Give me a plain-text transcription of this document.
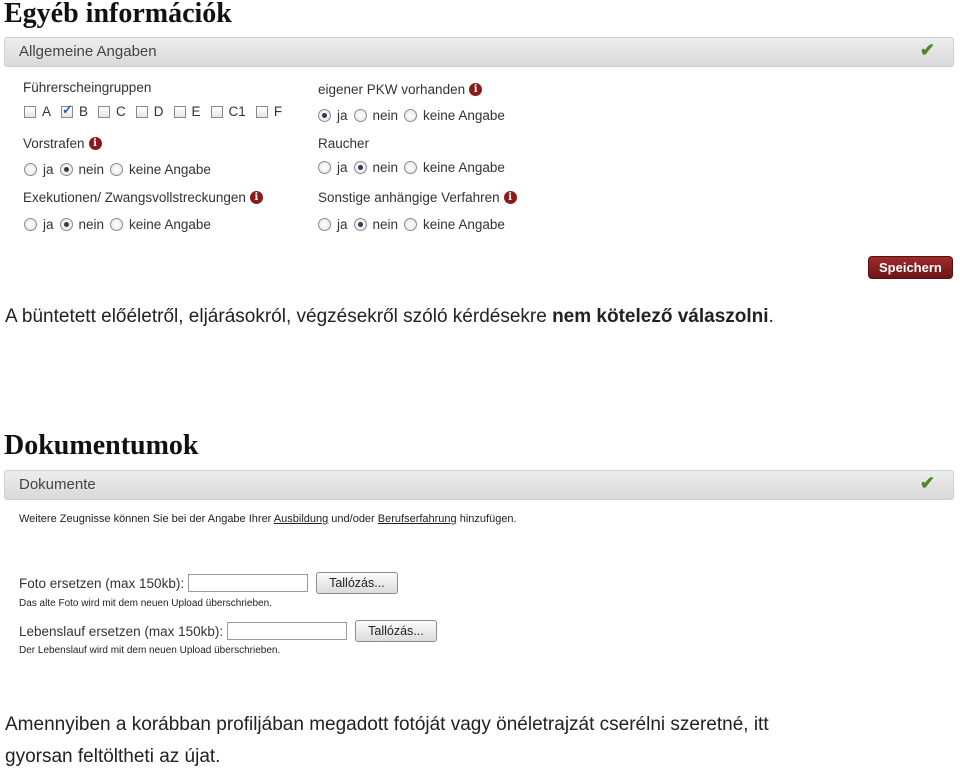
Egyéb információk
Allgemeine Angaben	✔
Führerscheingruppen
A
✓ B C D E C1 F
eigener PKW vorhanden i
ja nein keine Angabe
Vorstrafen i
ja nein keine Angabe
Raucher
ja nein keine Angabe
Exekutionen/ Zwangsvollstreckungen i
ja nein keine Angabe
Sonstige anhängige Verfahren i
ja nein keine Angabe
Speichern
A büntetett előéletről, eljárásokról, végzésekről szóló kérdésekre nem kötelező válaszolni.
Dokumentumok
Dokumente	✔
Weitere Zeugnisse können Sie bei der Angabe Ihrer Ausbildung und/oder Berufserfahrung hinzufügen.
Foto ersetzen (max 150kb):	Tallózás...
Das alte Foto wird mit dem neuen Upload überschrieben.
Lebenslauf ersetzen (max 150kb):	Tallózás...
Der Lebenslauf wird mit dem neuen Upload überschrieben.
Amennyiben a korábban profiljában megadott fotóját vagy önéletrajzát cserélni szeretné, itt
gyorsan feltöltheti az újat.
